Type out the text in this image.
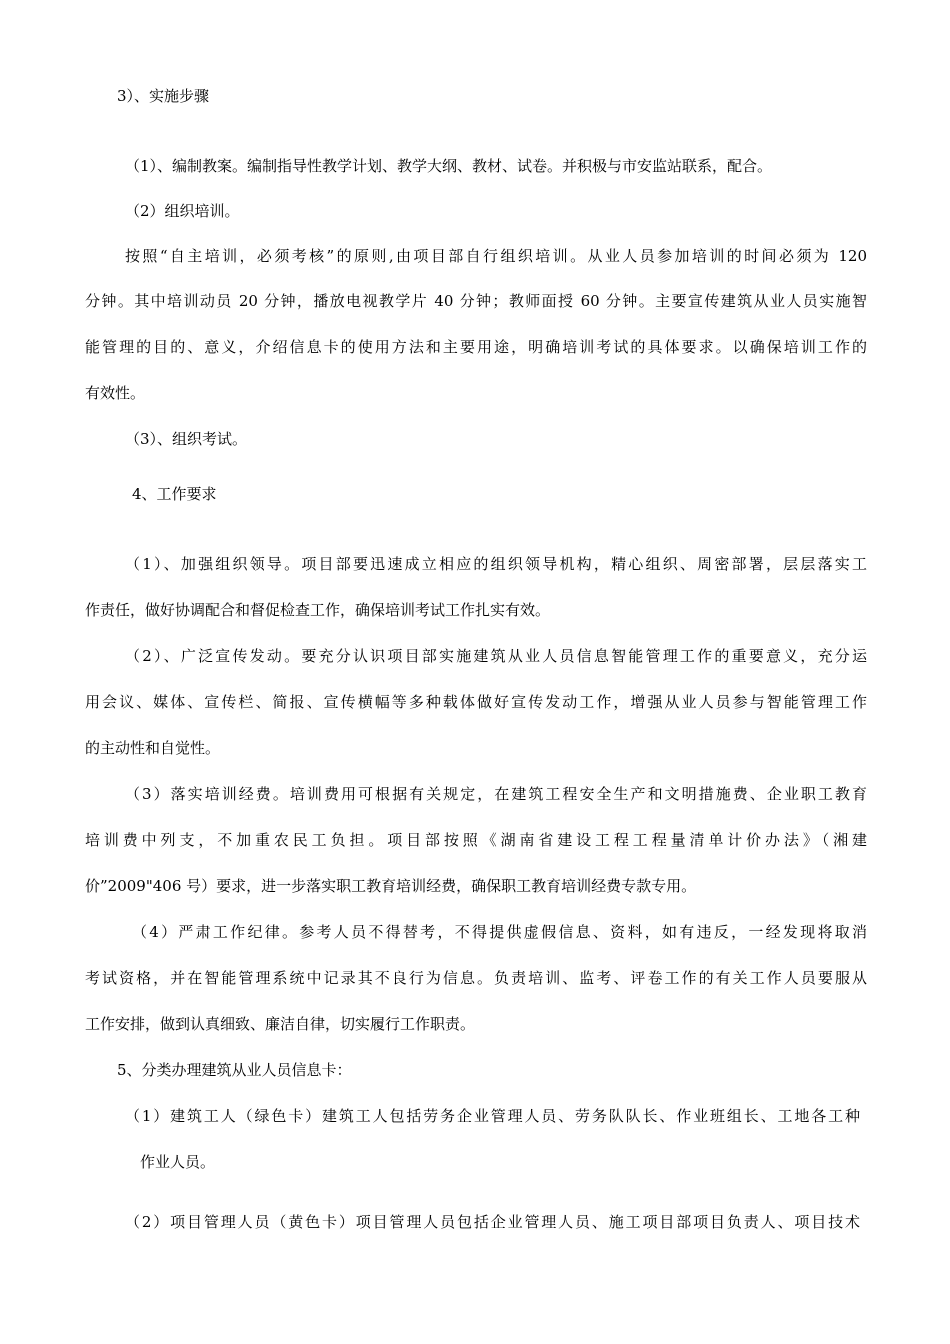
3）、实施步骤
（1）、编制教案。编制指导性教学计划、教学大纲、教材、试卷。并积极与市安监站联系，配合。
（2）组织培训。
按照“自主培训，必须考核”的原则,由项目部自行组织培训。从业人员参加培训的时间必须为 120
分钟。其中培训动员 20 分钟，播放电视教学片 40 分钟；教师面授 60 分钟。主要宣传建筑从业人员实施智
能管理的目的、意义，介绍信息卡的使用方法和主要用途，明确培训考试的具体要求。以确保培训工作的
有效性。
（3）、组织考试。
4、工作要求
（1）、加强组织领导。项目部要迅速成立相应的组织领导机构，精心组织、周密部署，层层落实工
作责任，做好协调配合和督促检查工作，确保培训考试工作扎实有效。
（2）、广泛宣传发动。要充分认识项目部实施建筑从业人员信息智能管理工作的重要意义，充分运
用会议、媒体、宣传栏、简报、宣传横幅等多种载体做好宣传发动工作，增强从业人员参与智能管理工作
的主动性和自觉性。
（3）落实培训经费。培训费用可根据有关规定，在建筑工程安全生产和文明措施费、企业职工教育
培训费中列支，不加重农民工负担。项目部按照《湖南省建设工程工程量清单计价办法》（湘建
价”2009"406 号）要求，进一步落实职工教育培训经费，确保职工教育培训经费专款专用。
（4）严肃工作纪律。参考人员不得替考，不得提供虚假信息、资料，如有违反，一经发现将取消
考试资格，并在智能管理系统中记录其不良行为信息。负责培训、监考、评卷工作的有关工作人员要服从
工作安排，做到认真细致、廉洁自律，切实履行工作职责。
5、分类办理建筑从业人员信息卡：
（1）建筑工人（绿色卡）建筑工人包括劳务企业管理人员、劳务队队长、作业班组长、工地各工种
作业人员。
（2）项目管理人员（黄色卡）项目管理人员包括企业管理人员、施工项目部项目负责人、项目技术
